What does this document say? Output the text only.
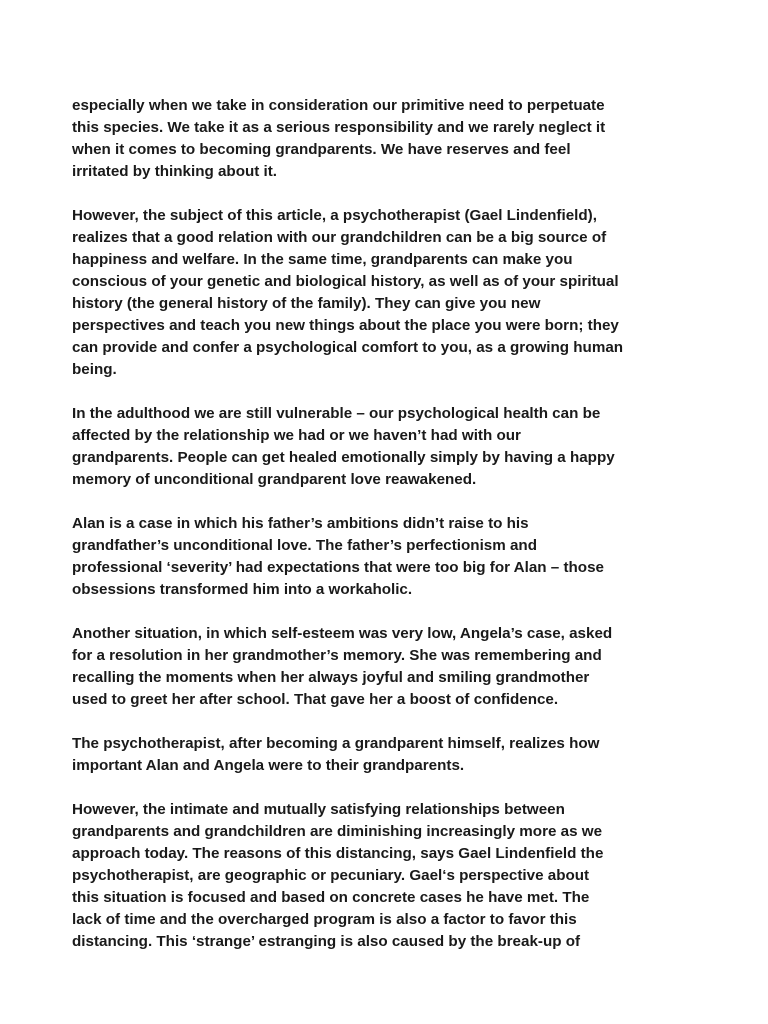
especially when we take in consideration our primitive need to perpetuate
this species. We take it as a serious responsibility and we rarely neglect it
when it comes to becoming grandparents. We have reserves and feel
irritated by thinking about it.

However, the subject of this article, a psychotherapist (Gael Lindenfield),
realizes that a good relation with our grandchildren can be a big source of
happiness and welfare. In the same time, grandparents can make you
conscious of your genetic and biological history, as well as of your spiritual
history (the general history of the family). They can give you new
perspectives and teach you new things about the place you were born; they
can provide and confer a psychological comfort to you, as a growing human
being.

In the adulthood we are still vulnerable – our psychological health can be
affected by the relationship we had or we haven’t had with our
grandparents. People can get healed emotionally simply by having a happy
memory of unconditional grandparent love reawakened.

Alan is a case in which his father’s ambitions didn’t raise to his
grandfather’s unconditional love. The father’s perfectionism and
professional ‘severity’ had expectations that were too big for Alan – those
obsessions transformed him into a workaholic.

Another situation, in which self-esteem was very low, Angela’s case, asked
for a resolution in her grandmother’s memory. She was remembering and
recalling the moments when her always joyful and smiling grandmother
used to greet her after school. That gave her a boost of confidence.

The psychotherapist, after becoming a grandparent himself, realizes how
important Alan and Angela were to their grandparents.

However, the intimate and mutually satisfying relationships between
grandparents and grandchildren are diminishing increasingly more as we
approach today. The reasons of this distancing, says Gael Lindenfield the
psychotherapist, are geographic or pecuniary. Gael‘s perspective about
this situation is focused and based on concrete cases he have met. The
lack of time and the overcharged program is also a factor to favor this
distancing. This ‘strange’ estranging is also caused by the break-up of
